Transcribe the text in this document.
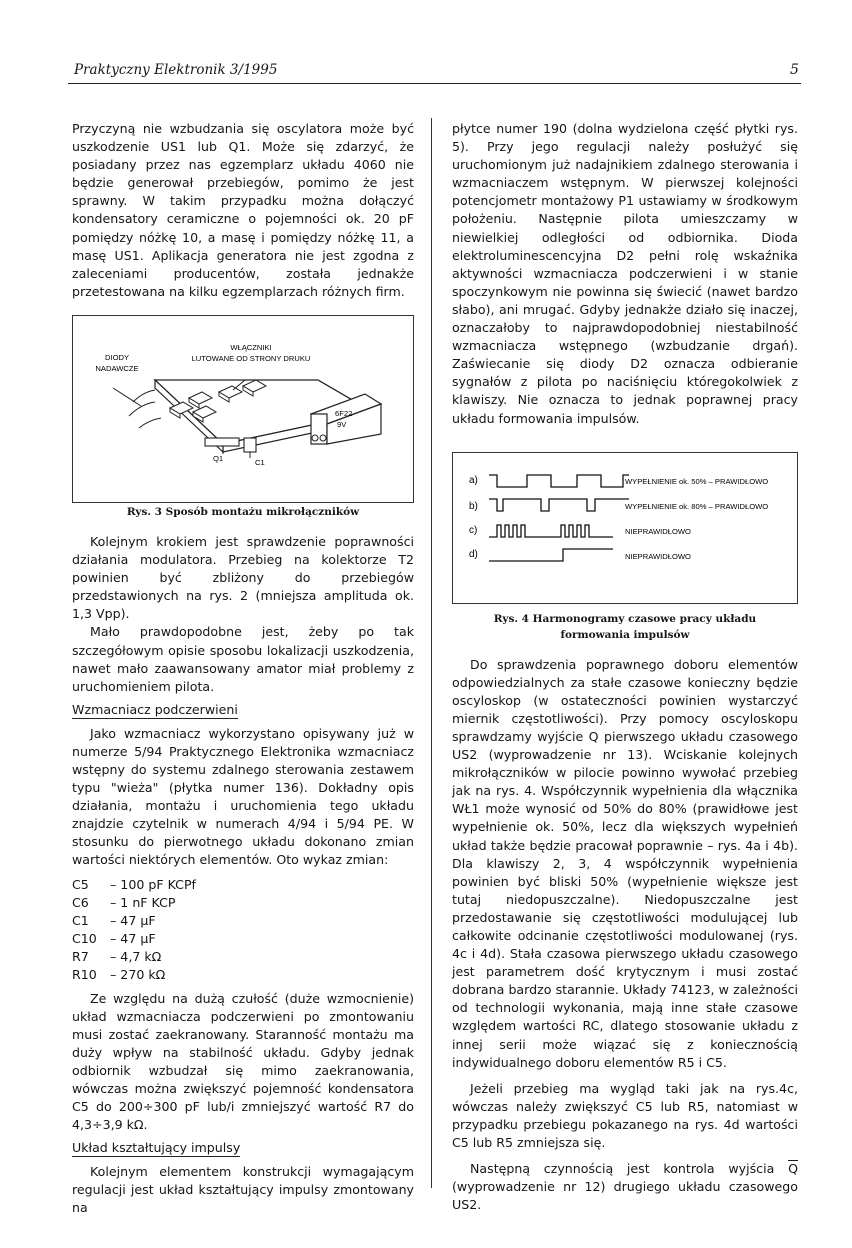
Praktyczny Elektronik 3/1995	5

Przyczyną nie wzbudzania się oscylatora może być uszkodzenie US1 lub Q1. Może się zdarzyć, że posiadany przez nas egzemplarz układu 4060 nie będzie generował przebiegów, pomimo że jest sprawny. W takim przypadku można dołączyć kondensatory ceramiczne o pojemności ok. 20 pF pomiędzy nóżkę 10, a masę i pomiędzy nóżkę 11, a masę US1. Aplikacja generatora nie jest zgodna z zaleceniami producentów, została jednakże przetestowana na kilku egzemplarzach różnych firm.

WŁĄCZNIKI
LUTOWANE OD STRONY DRUKU
DIODY
NADAWCZE
6F22
9V
Q1	C1
Rys. 3 Sposób montażu mikrołączników

Kolejnym krokiem jest sprawdzenie poprawności działania modulatora. Przebieg na kolektorze T2 powinien być zbliżony do przebiegów przedstawionych na rys. 2 (mniejsza amplituda ok. 1,3 Vpp).

Mało prawdopodobne jest, żeby po tak szczegółowym opisie sposobu lokalizacji uszkodzenia, nawet mało zaawansowany amator miał problemy z uruchomieniem pilota.

Wzmacniacz podczerwieni

Jako wzmacniacz wykorzystano opisywany już w numerze 5/94 Praktycznego Elektronika wzmacniacz wstępny do systemu zdalnego sterowania zestawem typu "wieża" (płytka numer 136). Dokładny opis działania, montażu i uruchomienia tego układu znajdzie czytelnik w numerach 4/94 i 5/94 PE. W stosunku do pierwotnego układu dokonano zmian wartości niektórych elementów. Oto wykaz zmian:

C5	– 100 pF KCPf
C6	– 1 nF KCP
C1	– 47 μF
C10	– 47 μF
R7	– 4,7 kΩ
R10	– 270 kΩ

Ze względu na dużą czułość (duże wzmocnienie) układ wzmacniacza podczerwieni po zmontowaniu musi zostać zaekranowany. Staranność montażu ma duży wpływ na stabilność układu. Gdyby jednak odbiornik wzbudzał się mimo zaekranowania, wówczas można zwiększyć pojemność kondensatora C5 do 200÷300 pF lub/i zmniejszyć wartość R7 do 4,3÷3,9 kΩ.

Układ kształtujący impulsy

Kolejnym elementem konstrukcji wymagającym regulacji jest układ kształtujący impulsy zmontowany na

płytce numer 190 (dolna wydzielona część płytki rys. 5). Przy jego regulacji należy posłużyć się uruchomionym już nadajnikiem zdalnego sterowania i wzmacniaczem wstępnym. W pierwszej kolejności potencjometr montażowy P1 ustawiamy w środkowym położeniu. Następnie pilota umieszczamy w niewielkiej odległości od odbiornika. Dioda elektroluminescencyjna D2 pełni rolę wskaźnika aktywności wzmacniacza podczerwieni i w stanie spoczynkowym nie powinna się świecić (nawet bardzo słabo), ani mrugać. Gdyby jednakże działo się inaczej, oznaczałoby to najprawdopodobniej niestabilność wzmacniacza wstępnego (wzbudzanie drgań). Zaświecanie się diody D2 oznacza odbieranie sygnałów z pilota po naciśnięciu któregokolwiek z klawiszy. Nie oznacza to jednak poprawnej pracy układu formowania impulsów.

a)
b)
c)
d)
WYPEŁNIENIE ok. 50% – PRAWIDŁOWO
WYPEŁNIENIE ok. 80% – PRAWIDŁOWO
NIEPRAWIDŁOWO
NIEPRAWIDŁOWO
Rys. 4 Harmonogramy czasowe pracy układu
formowania impulsów

Do sprawdzenia poprawnego doboru elementów odpowiedzialnych za stałe czasowe konieczny będzie oscyloskop (w ostateczności powinien wystarczyć miernik częstotliwości). Przy pomocy oscyloskopu sprawdzamy wyjście Q pierwszego układu czasowego US2 (wyprowadzenie nr 13). Wciskanie kolejnych mikrołączników w pilocie powinno wywołać przebieg jak na rys. 4. Współczynnik wypełnienia dla włącznika WŁ1 może wynosić od 50% do 80% (prawidłowe jest wypełnienie ok. 50%, lecz dla większych wypełnień układ także będzie pracował poprawnie – rys. 4a i 4b). Dla klawiszy 2, 3, 4 współczynnik wypełnienia powinien być bliski 50% (wypełnienie większe jest tutaj niedopuszczalne). Niedopuszczalne jest przedostawanie się częstotliwości modulującej lub całkowite odcinanie częstotliwości modulowanej (rys. 4c i 4d). Stała czasowa pierwszego układu czasowego jest parametrem dość krytycznym i musi zostać dobrana bardzo starannie. Układy 74123, w zależności od technologii wykonania, mają inne stałe czasowe względem wartości RC, dlatego stosowanie układu z innej serii może wiązać się z koniecznością indywidualnego doboru elementów R5 i C5.

Jeżeli przebieg ma wygląd taki jak na rys.4c, wówczas należy zwiększyć C5 lub R5, natomiast w przypadku przebiegu pokazanego na rys. 4d wartości C5 lub R5 zmniejsza się.

Następną czynnością jest kontrola wyjścia $\overline{Q}$ (wyprowadzenie nr 12) drugiego układu czasowego US2.
